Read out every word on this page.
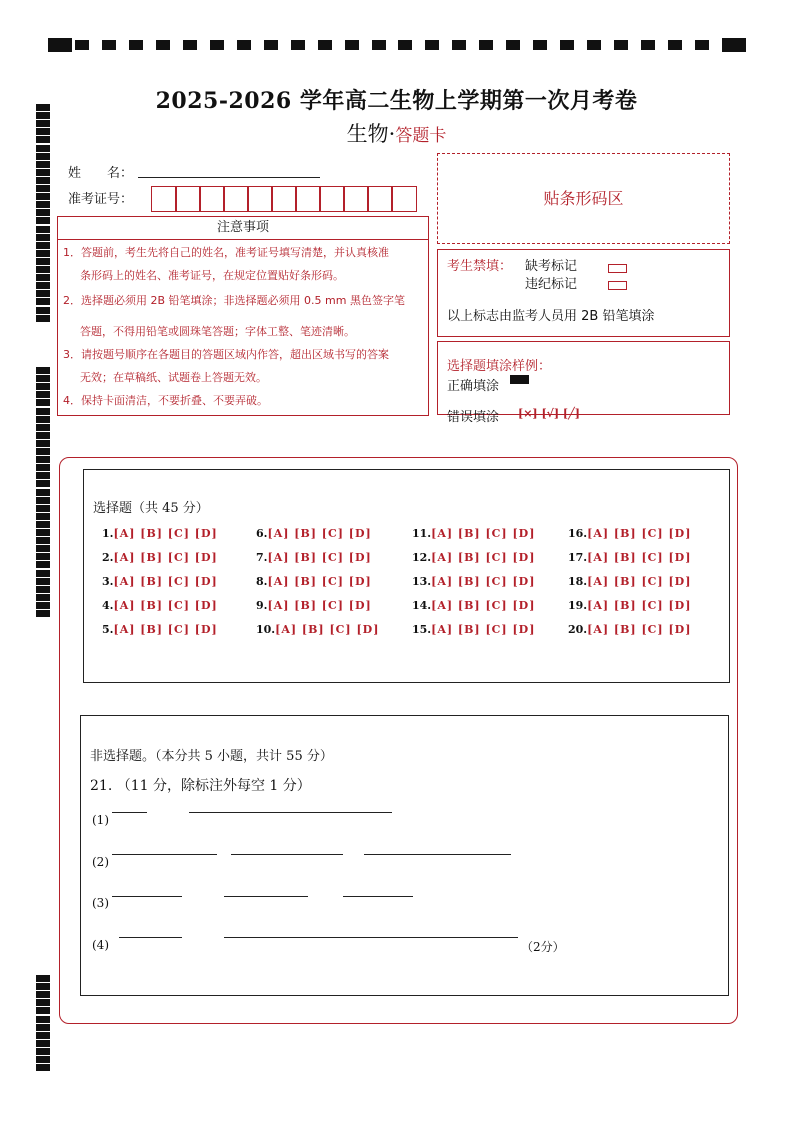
2025-2026 学年高二生物上学期第一次月考卷
生物·答题卡
姓　　名：
准考证号：	贴条形码区
注意事项
1．答题前，考生先将自己的姓名，准考证号填写清楚，并认真核准
条形码上的姓名、准考证号，在规定位置贴好条形码。
2．选择题必须用 2B 铅笔填涂；非选择题必须用 0.5 mm 黑色签字笔
答题，不得用铅笔或圆珠笔答题；字体工整、笔迹清晰。
3．请按题号顺序在各题目的答题区域内作答，超出区域书写的答案
无效；在草稿纸、试题卷上答题无效。
4．保持卡面清洁，不要折叠、不要弄破。
考生禁填： 缺考标记
违纪标记
以上标志由监考人员用 2B 铅笔填涂
选择题填涂样例：
正确填涂
错误填涂 [×] [√] [╱]
选择题（共 45 分）
1.[A] [B] [C] [D]
2.[A] [B] [C] [D]
3.[A] [B] [C] [D]
4.[A] [B] [C] [D]
5.[A] [B] [C] [D]
6.[A] [B] [C] [D]
7.[A] [B] [C] [D]
8.[A] [B] [C] [D]
9.[A] [B] [C] [D]
10.[A] [B] [C] [D]
11.[A] [B] [C] [D]
12.[A] [B] [C] [D]
13.[A] [B] [C] [D]
14.[A] [B] [C] [D]
15.[A] [B] [C] [D]
16.[A] [B] [C] [D]
17.[A] [B] [C] [D]
18.[A] [B] [C] [D]
19.[A] [B] [C] [D]
20.[A] [B] [C] [D]
非选择题。（本分共 5 小题，共计 55 分）
21. （11 分，除标注外每空 1 分）
(1)
(2)
(3)
(4)	（2分）
